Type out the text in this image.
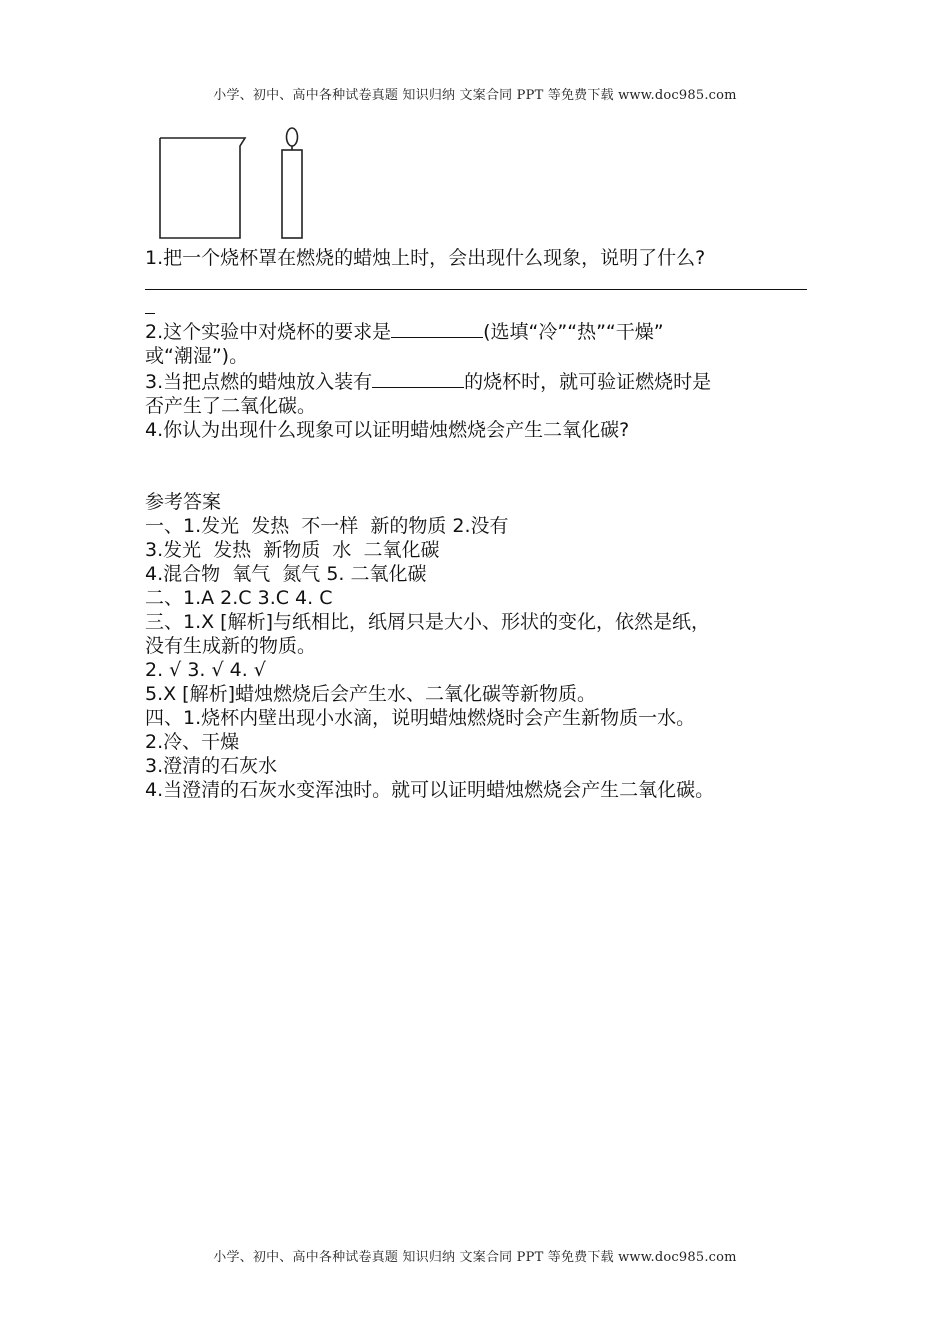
小学、初中、高中各种试卷真题 知识归纳 文案合同 PPT 等免费下载 www.doc985.com

1.把一个烧杯罩在燃烧的蜡烛上时，会出现什么现象，说明了什么?

2.这个实验中对烧杯的要求是	(选填“冷”“热”“干燥”

或“潮湿”)。

3.当把点燃的蜡烛放入装有	的烧杯时，就可验证燃烧时是

否产生了二氧化碳。

4.你认为出现什么现象可以证明蜡烛燃烧会产生二氧化碳?

参考答案

一、1.发光  发热  不一样  新的物质 2.没有

3.发光  发热  新物质  水  二氧化碳

4.混合物  氧气  氮气 5. 二氧化碳

二、1.A 2.C 3.C 4. C

三、1.X [解析]与纸相比，纸屑只是大小、形状的变化，依然是纸，

没有生成新的物质。

2. √ 3. √ 4. √

5.X [解析]蜡烛燃烧后会产生水、二氧化碳等新物质。

四、1.烧杯内壁出现小水滴，说明蜡烛燃烧时会产生新物质一水。

2.冷、干燥

3.澄清的石灰水

4.当澄清的石灰水变浑浊时。就可以证明蜡烛燃烧会产生二氧化碳。

小学、初中、高中各种试卷真题 知识归纳 文案合同 PPT 等免费下载 www.doc985.com
